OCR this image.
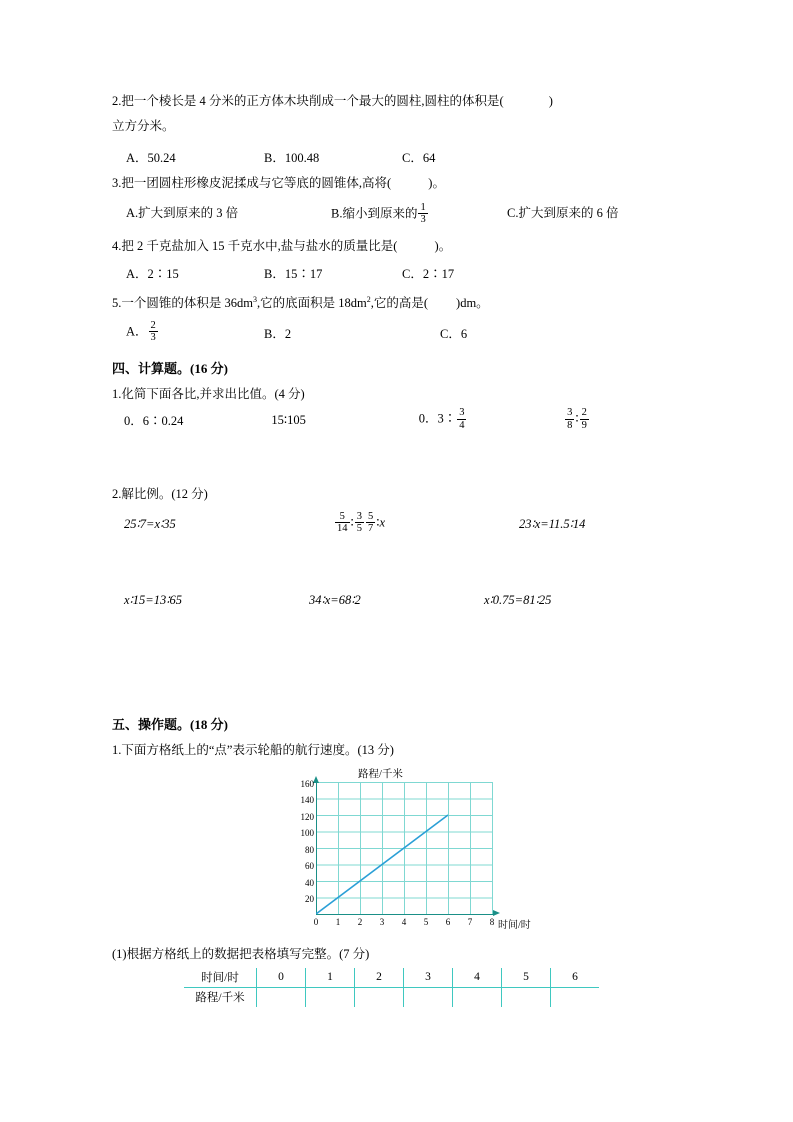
2.把一个棱长是 4 分米的正方体木块削成一个最大的圆柱,圆柱的体积是(	)
立方分米。
A．50.24	B．100.48	C．64
3.把一团圆柱形橡皮泥揉成与它等底的圆锥体,高将(	)。
A.扩大到原来的 3 倍	B.缩小到原来的 $\frac{1}{3}$	C.扩大到原来的 6 倍
4.把 2 千克盐加入 15 千克水中,盐与盐水的质量比是(	)。
A．2∶15	B．15∶17	C．2∶17
5.一个圆锥的体积是 $36dm^3$,它的底面积是 $18dm^2$,它的高是( )dm。
A． $\frac{2}{3}$	B．2	C．6
四、计算题。(16 分)
1.化简下面各比,并求出比值。(4 分)
0．6∶0.24	15∶105	0．3∶ $\frac{3}{4}$	$\frac{3}{8}$ ∶ $\frac{2}{9}$
2.解比例。(12 分)
25∶7=x∶35	$\frac{5}{14}$ ∶ $\frac{3}{5} \frac{5}{7}$ ∶x	23∶x=11.5∶14
x∶15=13∶65	34∶x=68∶2	x∶0.75=81∶25
五、操作题。(18 分)
1.下面方格纸上的“点”表示轮船的航行速度。(13 分)
路程/千米
160
140
120
100
80
60
40
20
0	1	2	3	4	5	6	7	8 时间/时
(1)根据方格纸上的数据把表格填写完整。(7 分)
时间/时	0	1	2	3	4	5	6
路程/千米							
